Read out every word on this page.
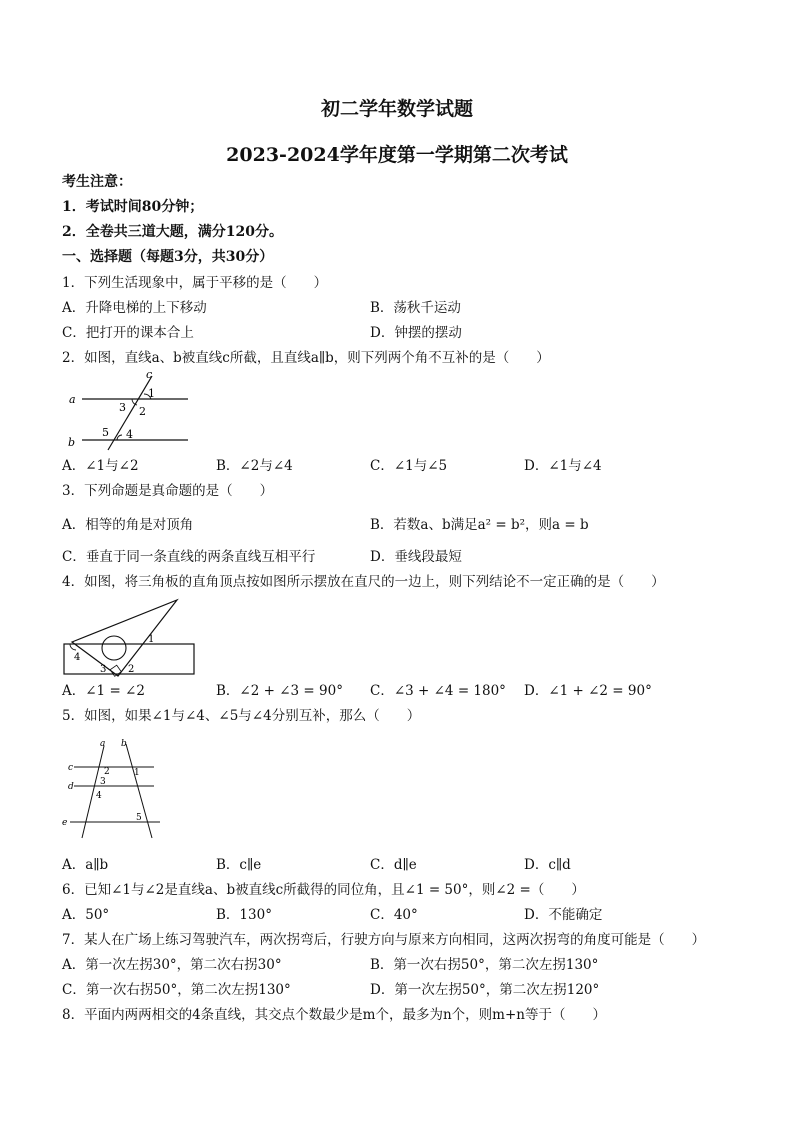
初二学年数学试题
2023-2024学年度第一学期第二次考试
考生注意：
1．考试时间80分钟；
2．全卷共三道大题，满分120分。
一、选择题（每题3分，共30分）
1．下列生活现象中，属于平移的是（　　）
A．升降电梯的上下移动	B．荡秋千运动
C．把打开的课本合上	D．钟摆的摆动
2．如图，直线a、b被直线c所截，且直线a∥b，则下列两个角不互补的是（　　）
a
b
c
1
2
3
4
5
A．∠1与∠2	B．∠2与∠4	C．∠1与∠5	D．∠1与∠4
3．下列命题是真命题的是（　　）
A．相等的角是对顶角	B．若数a、b满足a² = b²，则a = b
C．垂直于同一条直线的两条直线互相平行	D．垂线段最短
4．如图，将三角板的直角顶点按如图所示摆放在直尺的一边上，则下列结论不一定正确的是（　　）
1
2
3
4
A．∠1 = ∠2	B．∠2 + ∠3 = 90° C．∠3 + ∠4 = 180° D．∠1 + ∠2 = 90°
5．如图，如果∠1与∠4、∠5与∠4分别互补，那么（　　）
a b
c
d
e
1
2
3
4
5
A．a∥b	B．c∥e	C．d∥e	D．c∥d
6．已知∠1与∠2是直线a、b被直线c所截得的同位角，且∠1 = 50°，则∠2 =（　　）
A．50°	B．130°	C．40°	D．不能确定
7．某人在广场上练习驾驶汽车，两次拐弯后，行驶方向与原来方向相同，这两次拐弯的角度可能是（　　）
A．第一次左拐30°，第二次右拐30°	B．第一次右拐50°，第二次左拐130°
C．第一次右拐50°，第二次左拐130°	D．第一次左拐50°，第二次左拐120°
8．平面内两两相交的4条直线，其交点个数最少是m个，最多为n个，则m+n等于（　　）
